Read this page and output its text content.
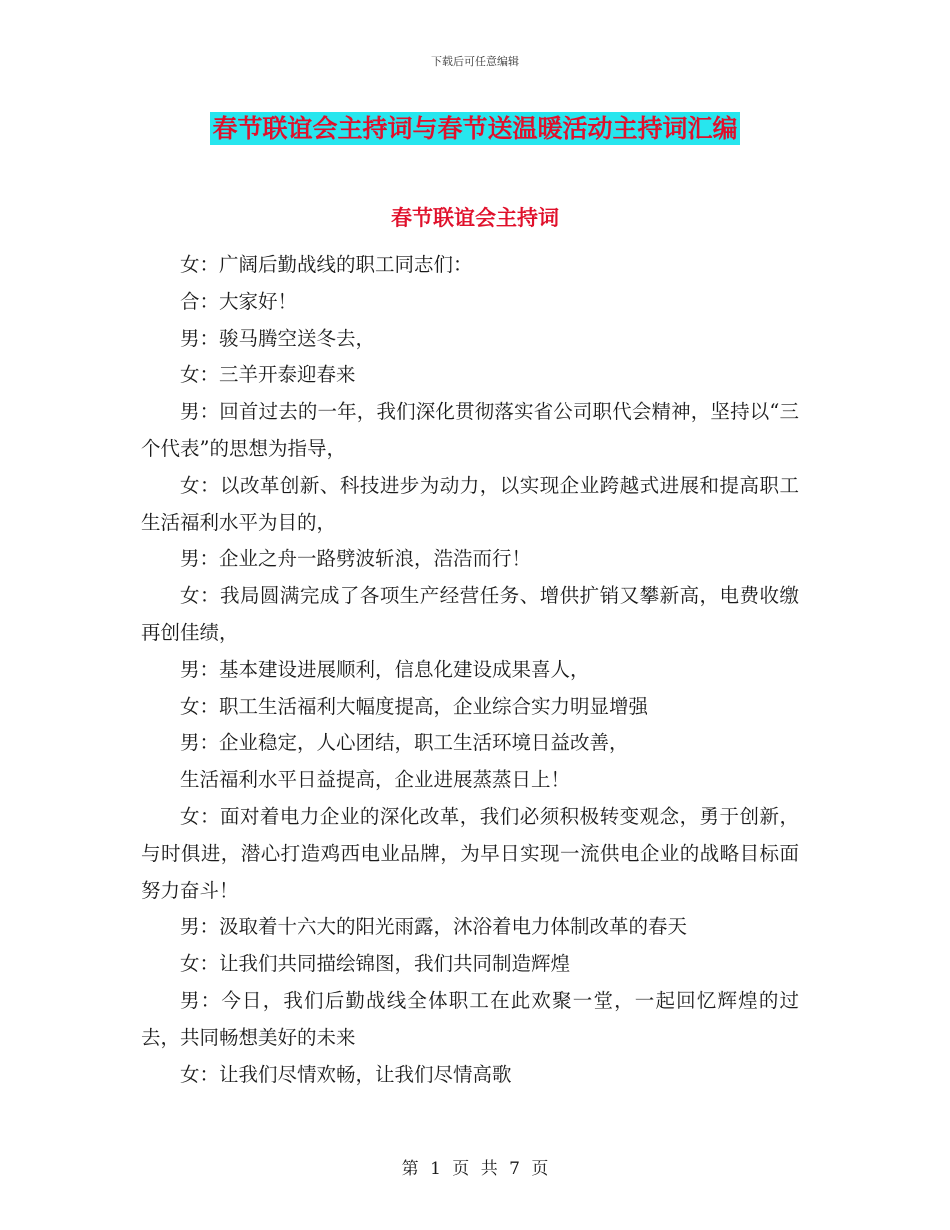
下载后可任意编辑
春节联谊会主持词与春节送温暖活动主持词汇编
春节联谊会主持词

女：广阔后勤战线的职工同志们：

合：大家好！

男：骏马腾空送冬去，

女：三羊开泰迎春来

男：回首过去的一年，我们深化贯彻落实省公司职代会精神，坚持以“三个代表”的思想为指导，

女：以改革创新、科技进步为动力，以实现企业跨越式进展和提高职工生活福利水平为目的，

男：企业之舟一路劈波斩浪，浩浩而行！

女：我局圆满完成了各项生产经营任务、增供扩销又攀新高，电费收缴再创佳绩，

男：基本建设进展顺利，信息化建设成果喜人，

女：职工生活福利大幅度提高，企业综合实力明显增强

男：企业稳定，人心团结，职工生活环境日益改善，

生活福利水平日益提高，企业进展蒸蒸日上！

女：面对着电力企业的深化改革，我们必须积极转变观念，勇于创新，与时俱进，潜心打造鸡西电业品牌，为早日实现一流供电企业的战略目标面努力奋斗！

男：汲取着十六大的阳光雨露，沐浴着电力体制改革的春天

女：让我们共同描绘锦图，我们共同制造辉煌

男：今日，我们后勤战线全体职工在此欢聚一堂，一起回忆辉煌的过去，共同畅想美好的未来

女：让我们尽情欢畅，让我们尽情高歌

第 1 页 共 7 页
